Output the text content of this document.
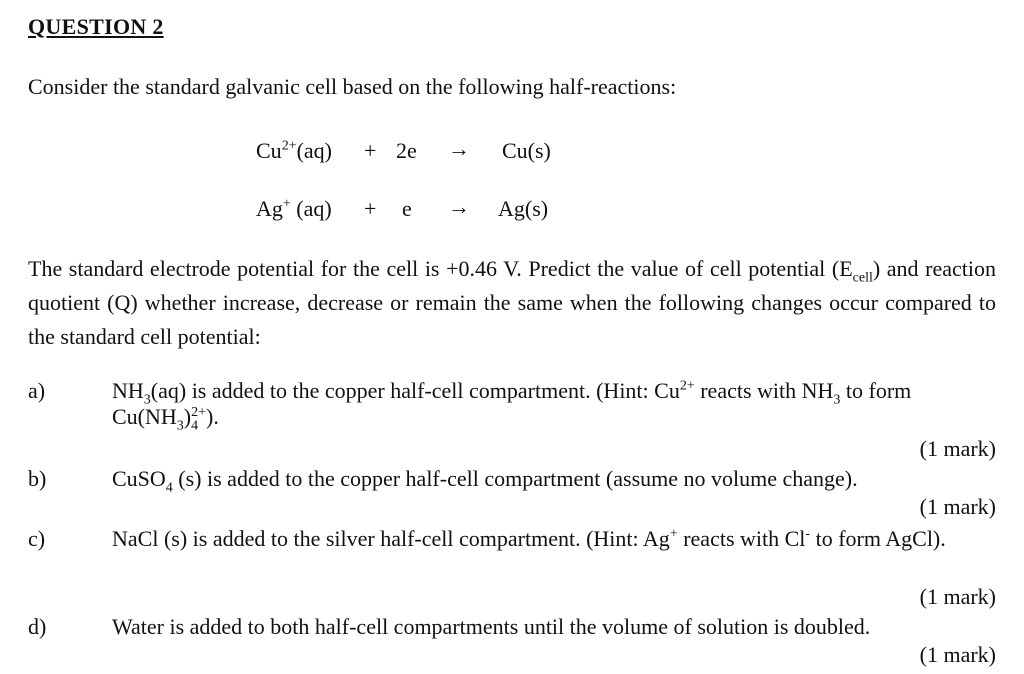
QUESTION 2
Consider the standard galvanic cell based on the following half-reactions:
$Cu^{2+}(aq) + 2e \to Cu(s)$
Ag+ (aq) + e → Ag(s)
The standard electrode potential for the cell is +0.46 V. Predict the value of cell potential $(E_{cell})$ and reaction quotient (Q) whether increase, decrease or remain the same when the following changes occur compared to the standard cell potential:
a)	$NH_3(aq)$ is added to the copper half-cell compartment. (Hint: $Cu^{2+}$ reacts with $NH_3$ to form $Cu(NH_3)_4^{2+}$).
(1 mark)
b)	CuSO$_4$ (s) is added to the copper half-cell compartment (assume no volume change).
(1 mark)
c)	NaCl (s) is added to the silver half-cell compartment. (Hint: Ag+ reacts with Cl- to form AgCl).
(1 mark)
d)	Water is added to both half-cell compartments until the volume of solution is doubled.
(1 mark)
